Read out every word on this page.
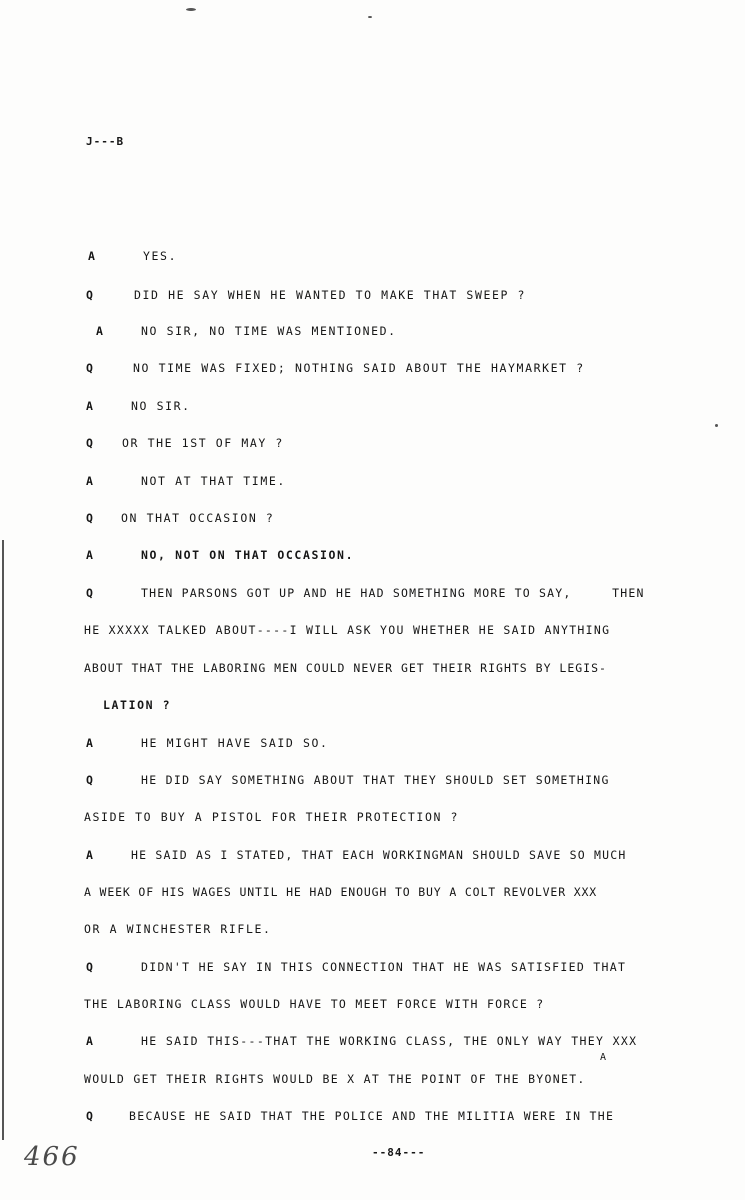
J---B
A	YES.
Q	DID HE SAY WHEN HE WANTED TO MAKE THAT SWEEP ?
A	NO SIR, NO TIME WAS MENTIONED.
Q	NO TIME WAS FIXED; NOTHING SAID ABOUT THE HAYMARKET ?
A	NO SIR.
Q	OR THE 1ST OF MAY ?
A	NOT AT THAT TIME.
Q ON THAT OCCASION ?
A	NO, NOT ON THAT OCCASION.
Q	THEN PARSONS GOT UP AND HE HAD SOMETHING MORE TO SAY,     THEN
HE XXXXX TALKED ABOUT----I WILL ASK YOU WHETHER HE SAID ANYTHING
ABOUT THAT THE LABORING MEN COULD NEVER GET THEIR RIGHTS BY LEGIS-
LATION ?
A	HE MIGHT HAVE SAID SO.
Q	HE DID SAY SOMETHING ABOUT THAT THEY SHOULD SET SOMETHING
ASIDE TO BUY A PISTOL FOR THEIR PROTECTION ?
A	HE SAID AS I STATED, THAT EACH WORKINGMAN SHOULD SAVE SO MUCH
A WEEK OF HIS WAGES UNTIL HE HAD ENOUGH TO BUY A COLT REVOLVER XXX
OR A WINCHESTER RIFLE.
Q	DIDN'T HE SAY IN THIS CONNECTION THAT HE WAS SATISFIED THAT
THE LABORING CLASS WOULD HAVE TO MEET FORCE WITH FORCE ?
A	HE SAID THIS---THAT THE WORKING CLASS, THE ONLY WAY THEY XXX
A
WOULD GET THEIR RIGHTS WOULD BE X AT THE POINT OF THE BYONET.
Q	BECAUSE HE SAID THAT THE POLICE AND THE MILITIA WERE IN THE
--84---
466
